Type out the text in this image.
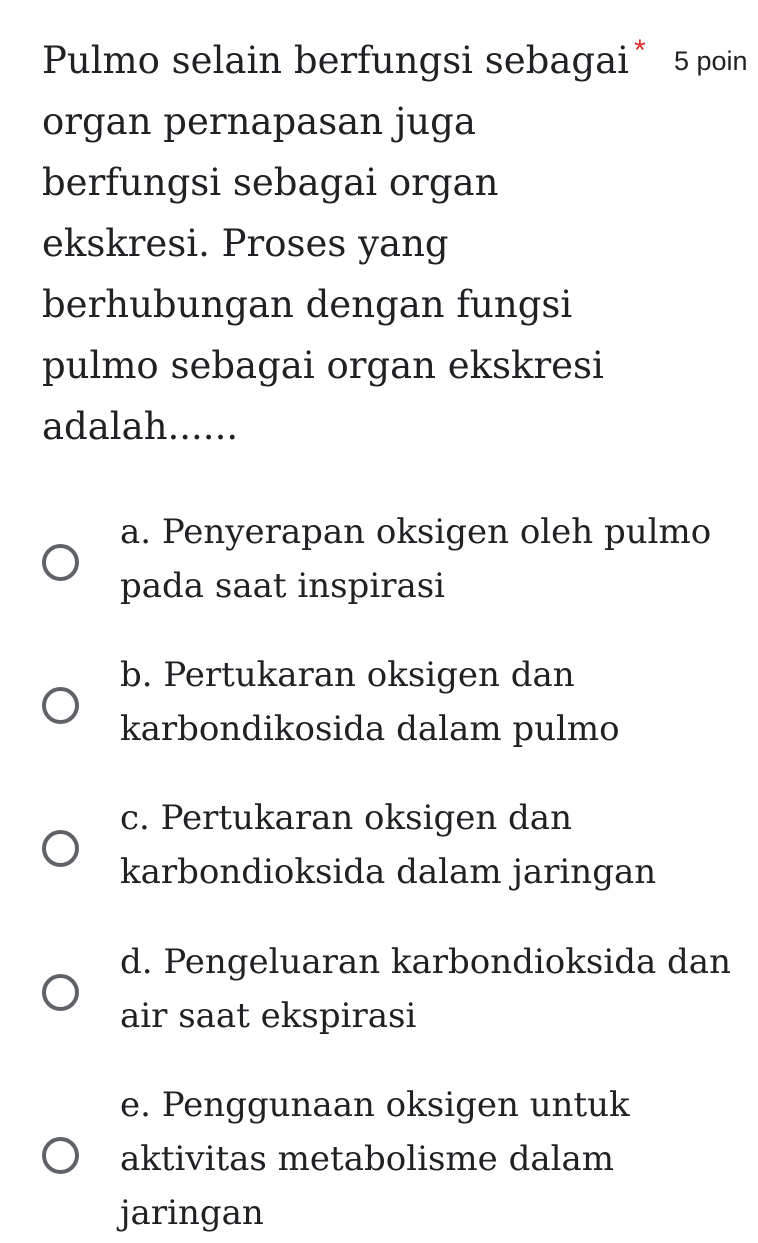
Pulmo selain berfungsi sebagai organ pernapasan juga berfungsi sebagai organ ekskresi. Proses yang berhubungan dengan fungsi pulmo sebagai organ ekskresi adalah......

* 5 poin

a. Penyerapan oksigen oleh pulmo pada saat inspirasi

b. Pertukaran oksigen dan karbondikosida dalam pulmo

c. Pertukaran oksigen dan karbondioksida dalam jaringan

d. Pengeluaran karbondioksida dan air saat ekspirasi

e. Penggunaan oksigen untuk aktivitas metabolisme dalam jaringan
